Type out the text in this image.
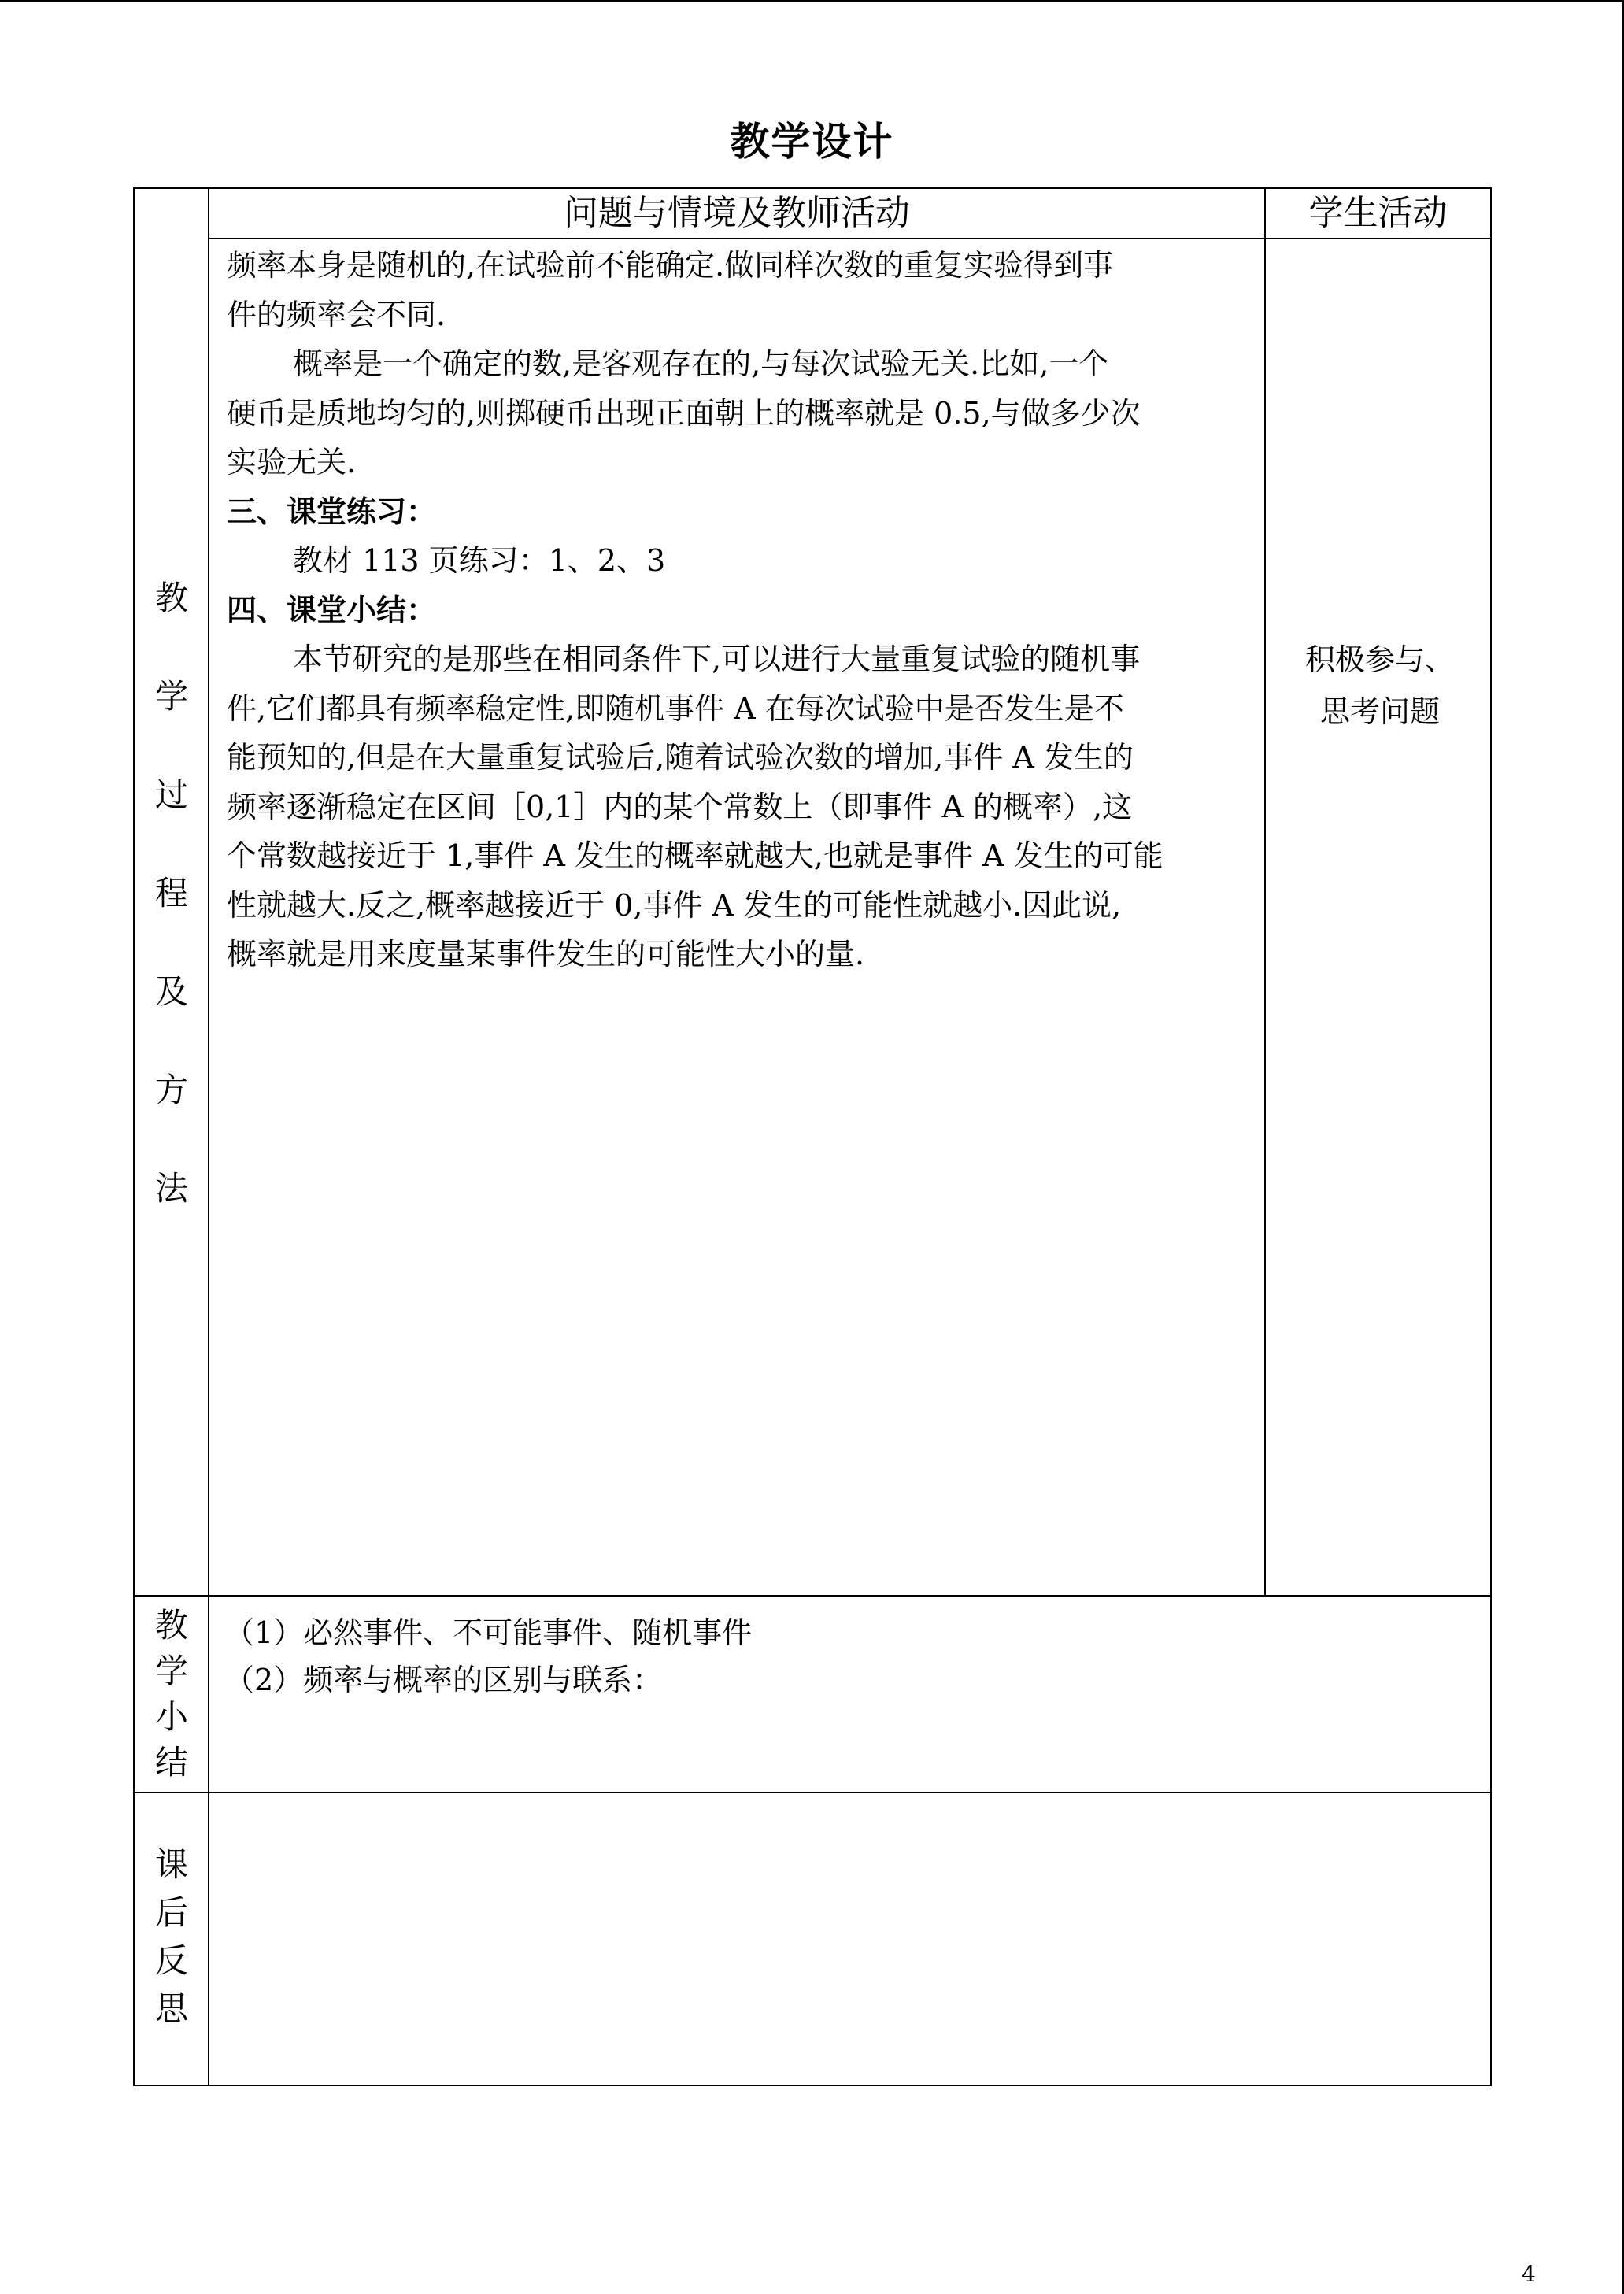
教学设计
问题与情境及教师活动	学生活动
教
学
过
程
及
方
法

频率本身是随机的,在试验前不能确定.做同样次数的重复实验得到事

件的频率会不同.

概率是一个确定的数,是客观存在的,与每次试验无关.比如,一个

硬币是质地均匀的,则掷硬币出现正面朝上的概率就是 0.5,与做多少次

实验无关.

三、课堂练习：

教材 113 页练习：1、2、3

四、课堂小结：

本节研究的是那些在相同条件下,可以进行大量重复试验的随机事

件,它们都具有频率稳定性,即随机事件 A 在每次试验中是否发生是不

能预知的,但是在大量重复试验后,随着试验次数的增加,事件 A 发生的

频率逐渐稳定在区间［0,1］内的某个常数上（即事件 A 的概率）,这

个常数越接近于 1,事件 A 发生的概率就越大,也就是事件 A 发生的可能

性就越大.反之,概率越接近于 0,事件 A 发生的可能性就越小.因此说,

概率就是用来度量某事件发生的可能性大小的量.

积极参与、
思考问题
教
学
小
结

（1）必然事件、不可能事件、随机事件

（2）频率与概率的区别与联系：

课
后
反
思
4
